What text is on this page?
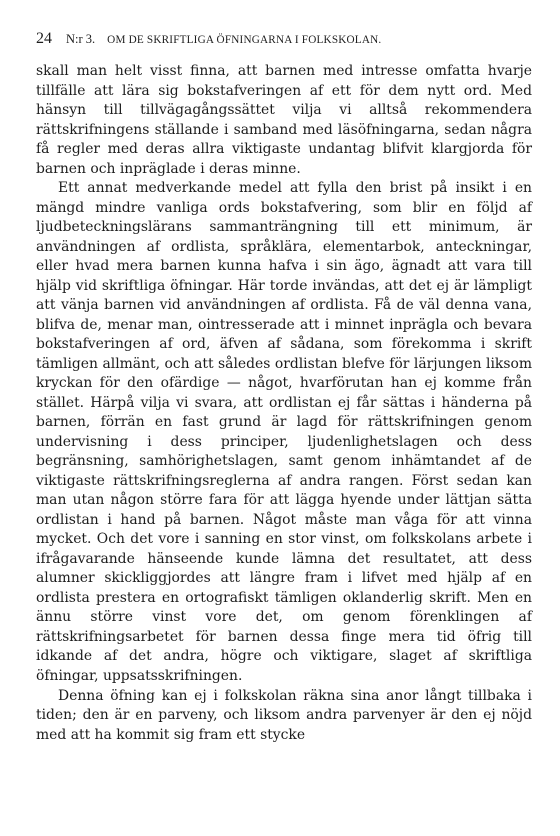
24 N:r 3. OM DE SKRIFTLIGA ÖFNINGARNA I FOLKSKOLAN.

skall man helt visst finna, att barnen med intresse omfatta hvarje tillfälle att lära sig bokstafveringen af ett för dem nytt ord. Med hänsyn till tillvägagångssättet vilja vi alltså rekommendera rättskrifningens ställande i samband med läsöfningarna, sedan några få regler med deras allra viktigaste undantag blifvit klargjorda för barnen och inpräglade i deras minne.

Ett annat medverkande medel att fylla den brist på insikt i en mängd mindre vanliga ords bokstafvering, som blir en följd af ljudbeteckningslärans sammanträngning till ett minimum, är användningen af ordlista, språklära, elementarbok, anteckningar, eller hvad mera barnen kunna hafva i sin ägo, ägnadt att vara till hjälp vid skriftliga öfningar. Här torde invändas, att det ej är lämpligt att vänja barnen vid användningen af ordlista. Få de väl denna vana, blifva de, menar man, ointresserade att i minnet inprägla och bevara bokstafveringen af ord, äfven af sådana, som förekomma i skrift tämligen allmänt, och att således ordlistan blefve för lärjungen liksom kryckan för den ofärdige — något, hvarförutan han ej komme från stället. Härpå vilja vi svara, att ordlistan ej får sättas i händerna på barnen, förrän en fast grund är lagd för rättskrifningen genom undervisning i dess principer, ljudenlighetslagen och dess begränsning, samhörighetslagen, samt genom inhämtandet af de viktigaste rättskrifningsreglerna af andra rangen. Först sedan kan man utan någon större fara för att lägga hyende under lättjan sätta ordlistan i hand på barnen. Något måste man våga för att vinna mycket. Och det vore i sanning en stor vinst, om folkskolans arbete i ifrågavarande hänseende kunde lämna det resultatet, att dess alumner skickliggjordes att längre fram i lifvet med hjälp af en ordlista prestera en ortografiskt tämligen oklanderlig skrift. Men en ännu större vinst vore det, om genom förenklingen af rättskrifningsarbetet för barnen dessa finge mera tid öfrig till idkande af det andra, högre och viktigare, slaget af skriftliga öfningar, uppsatsskrifningen.

Denna öfning kan ej i folkskolan räkna sina anor långt tillbaka i tiden; den är en parveny, och liksom andra parvenyer är den ej nöjd med att ha kommit sig fram ett stycke
